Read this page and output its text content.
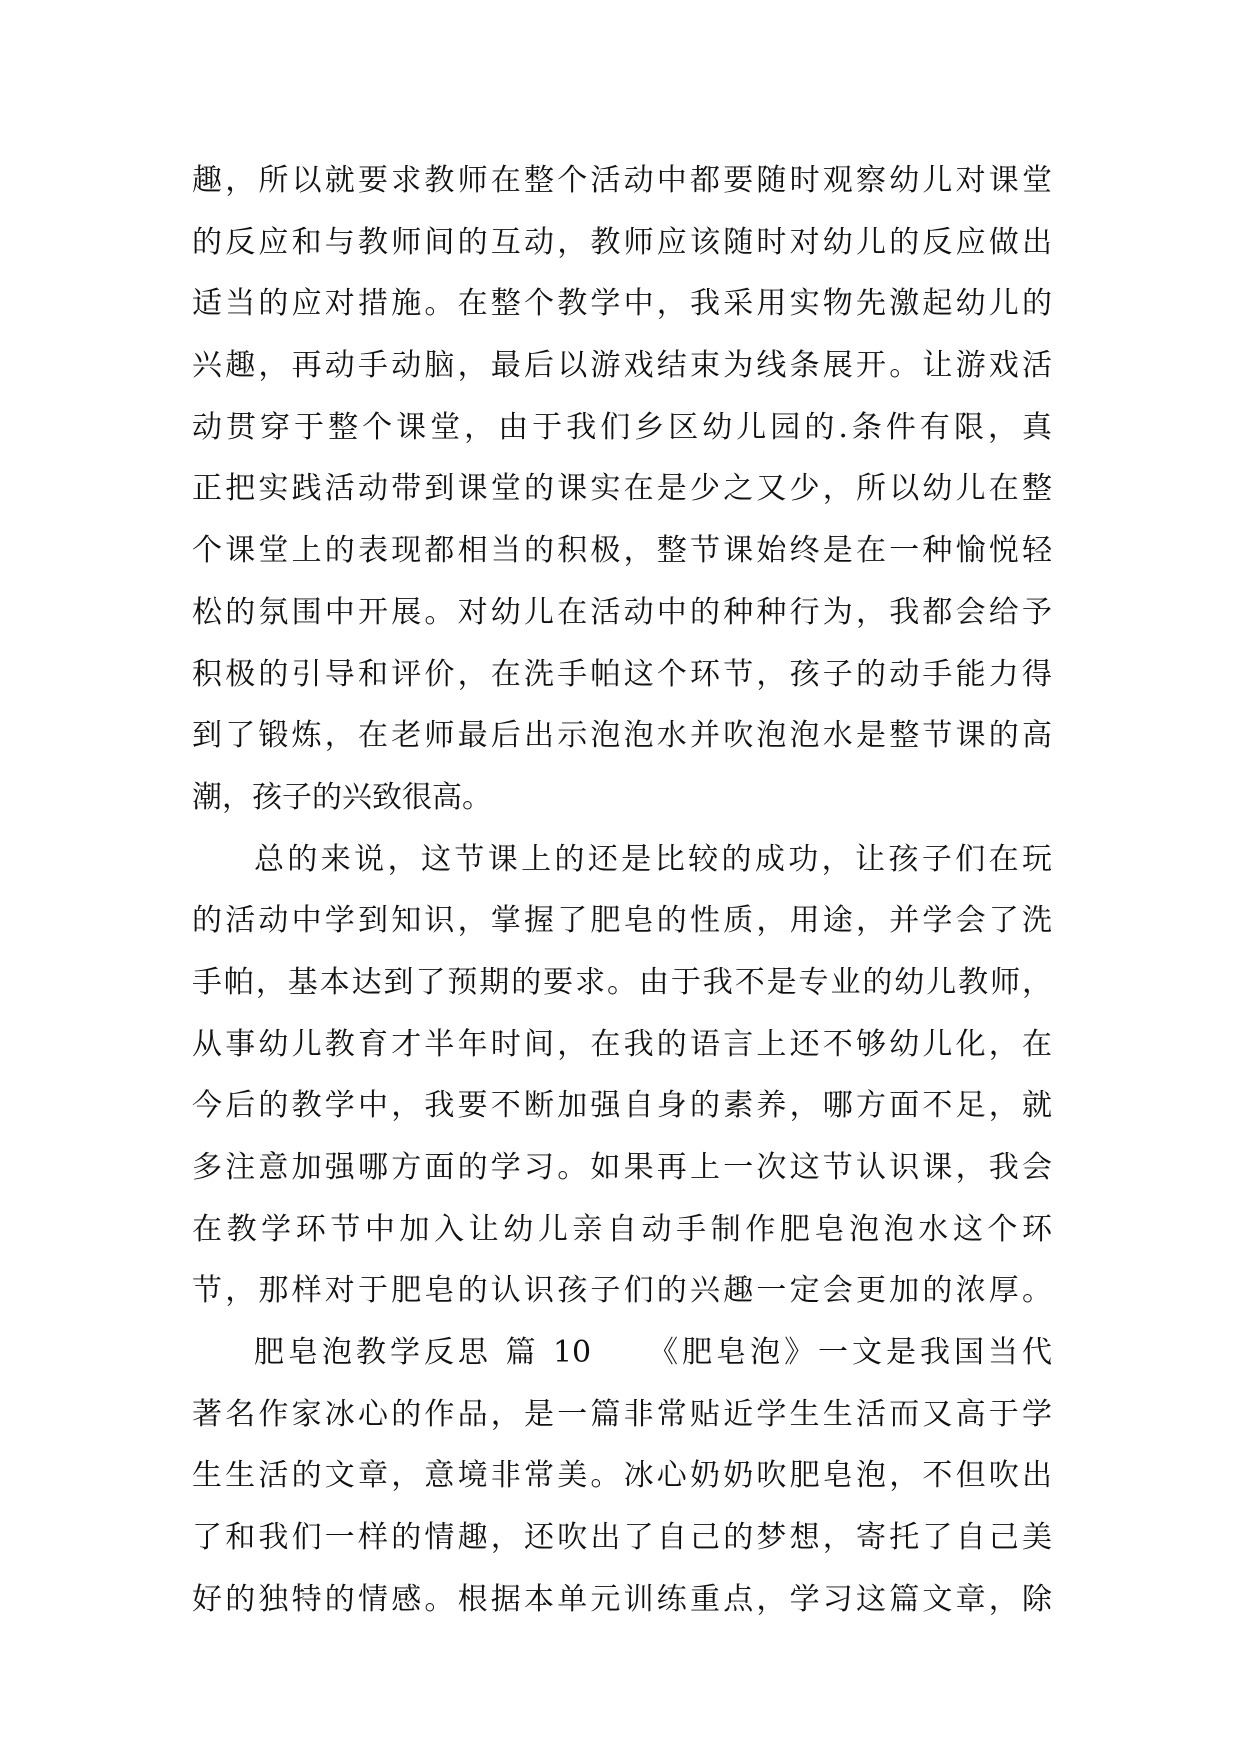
趣，所以就要求教师在整个活动中都要随时观察幼儿对课堂
的反应和与教师间的互动，教师应该随时对幼儿的反应做出
适当的应对措施。在整个教学中，我采用实物先激起幼儿的
兴趣，再动手动脑，最后以游戏结束为线条展开。让游戏活
动贯穿于整个课堂，由于我们乡区幼儿园的.条件有限，真
正把实践活动带到课堂的课实在是少之又少，所以幼儿在整
个课堂上的表现都相当的积极，整节课始终是在一种愉悦轻
松的氛围中开展。对幼儿在活动中的种种行为，我都会给予
积极的引导和评价，在洗手帕这个环节，孩子的动手能力得
到了锻炼，在老师最后出示泡泡水并吹泡泡水是整节课的高
潮，孩子的兴致很高。
总的来说，这节课上的还是比较的成功，让孩子们在玩
的活动中学到知识，掌握了肥皂的性质，用途，并学会了洗
手帕，基本达到了预期的要求。由于我不是专业的幼儿教师，
从事幼儿教育才半年时间，在我的语言上还不够幼儿化，在
今后的教学中，我要不断加强自身的素养，哪方面不足，就
多注意加强哪方面的学习。如果再上一次这节认识课，我会
在教学环节中加入让幼儿亲自动手制作肥皂泡泡水这个环
节，那样对于肥皂的认识孩子们的兴趣一定会更加的浓厚。
肥皂泡教学反思 篇 10　　《肥皂泡》一文是我国当代
著名作家冰心的作品，是一篇非常贴近学生生活而又高于学
生生活的文章，意境非常美。冰心奶奶吹肥皂泡，不但吹出
了和我们一样的情趣，还吹出了自己的梦想，寄托了自己美
好的独特的情感。根据本单元训练重点，学习这篇文章，除
